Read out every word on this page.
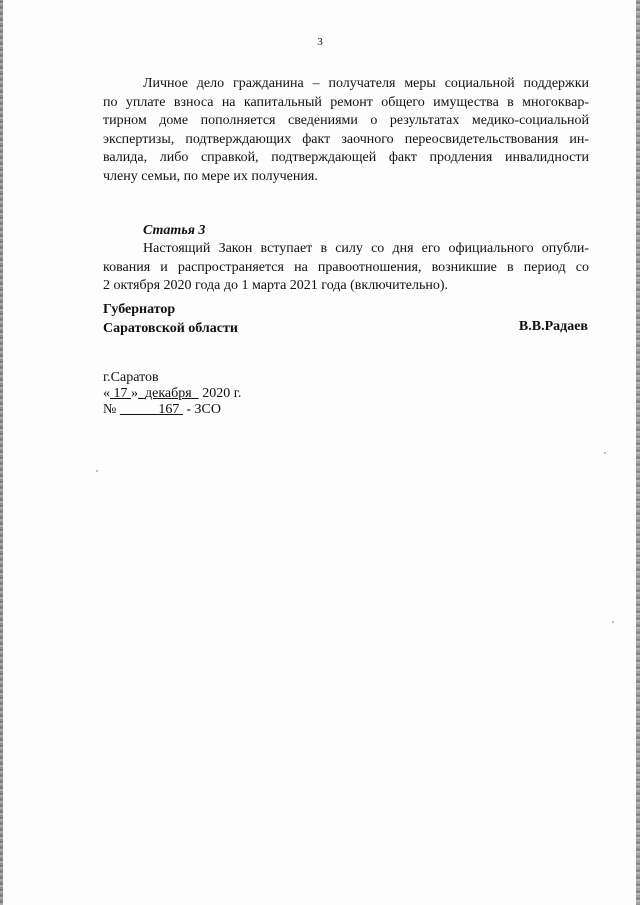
3
Личное дело гражданина – получателя меры социальной поддержки
по уплате взноса на капитальный ремонт общего имущества в многоквар-
тирном доме пополняется сведениями о результатах медико-социальной
экспертизы, подтверждающих факт заочного переосвидетельствования ин-
валида, либо справкой, подтверждающей факт продления инвалидности
члену семьи, по мере их получения.
Статья 3
Настоящий Закон вступает в силу со дня его официального опубли-
кования и распространяется на правоотношения, возникшие в период со
2 октября 2020 года до 1 марта 2021 года (включительно).
Губернатор
Саратовской области	В.В.Радаев
г.Саратов
« 17 » декабря 2020 г.
№	167 - ЗСО
